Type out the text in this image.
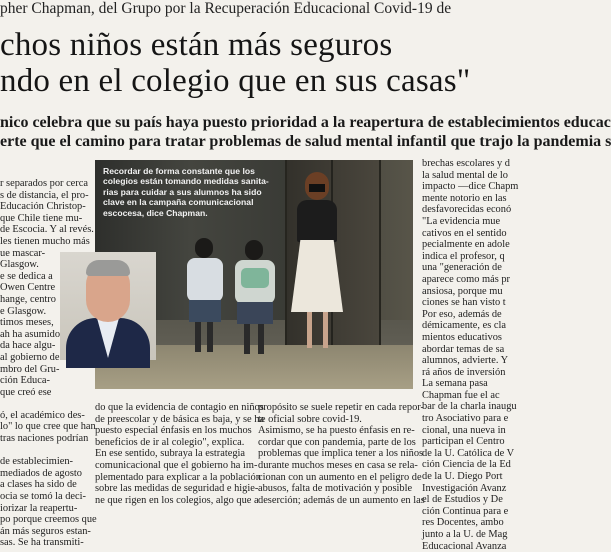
pher Chapman, del Grupo por la Recuperación Educacional Covid-19 de
chos niños están más seguros
ndo en el colegio que en sus casas"
nico celebra que su país haya puesto prioridad a la reapertura de establecimientos educac
erte que el camino para tratar problemas de salud mental infantil que trajo la pandemia s
r separados por cerca
s de distancia, el pro-
Educación Christop-
que Chile tiene mu-
de Escocia. Y al revés.
les tienen mucho más
ue mascar-
Glasgow.
e se dedica a
Owen Centre
hange, centro
e Glasgow.
timos meses,
ah ha asumido
da hace algu-
al gobierno de
mbro del Gru-
ción Educa-
que creó ese
ó, el académico des-
lo" lo que cree que han
tras naciones podrían
de establecimien-
mediados de agosto
a clases ha sido de
ocia se tomó la deci-
iorizar la reapertu-
po porque creemos que
án más seguros estan-
sas. Se ha transmiti-
Recordar de forma constante que los
colegios están tomando medidas sanita-
rias para cuidar a sus alumnos ha sido
clave en la campaña comunicacional
escocesa, dice Chapman.
do que la evidencia de contagio en niños
de preescolar y de básica es baja, y se ha
puesto especial énfasis en los muchos
beneficios de ir al colegio", explica.
En ese sentido, subraya la estrategia
comunicacional que el gobierno ha im-
plementado para explicar a la población
sobre las medidas de seguridad e higie-
ne que rigen en los colegios, algo que a
propósito se suele repetir en cada repor-
te oficial sobre covid-19.
Asimismo, se ha puesto énfasis en re-
cordar que con pandemia, parte de los
problemas que implica tener a los niños
durante muchos meses en casa se rela-
cionan con un aumento en el peligro de
abusos, falta de motivación y posible
deserción; además de un aumento en las
brechas escolares y d
la salud mental de lo
impacto —dice Chapm
mente notorio en las
desfavorecidas econó
"La evidencia mue
cativos en el sentido
pecialmente en adole
indica el profesor, q
una "generación de
aparece como más pr
ansiosa, porque mu
ciones se han visto t
Por eso, además de
démicamente, es cla
mientos educativos
abordar temas de sa
alumnos, advierte. Y
rá años de inversión
La semana pasa
Chapman fue el ac
bar de la charla inaugu
tro Asociativo para e
cional, una nueva in
participan el Centro
de la U. Católica de V
ción Ciencia de la Ed
de la U. Diego Port
Investigación Avanz
el de Estudios y De
ción Continua para e
res Docentes, ambo
junto a la U. de Mag
Educacional Avanza
